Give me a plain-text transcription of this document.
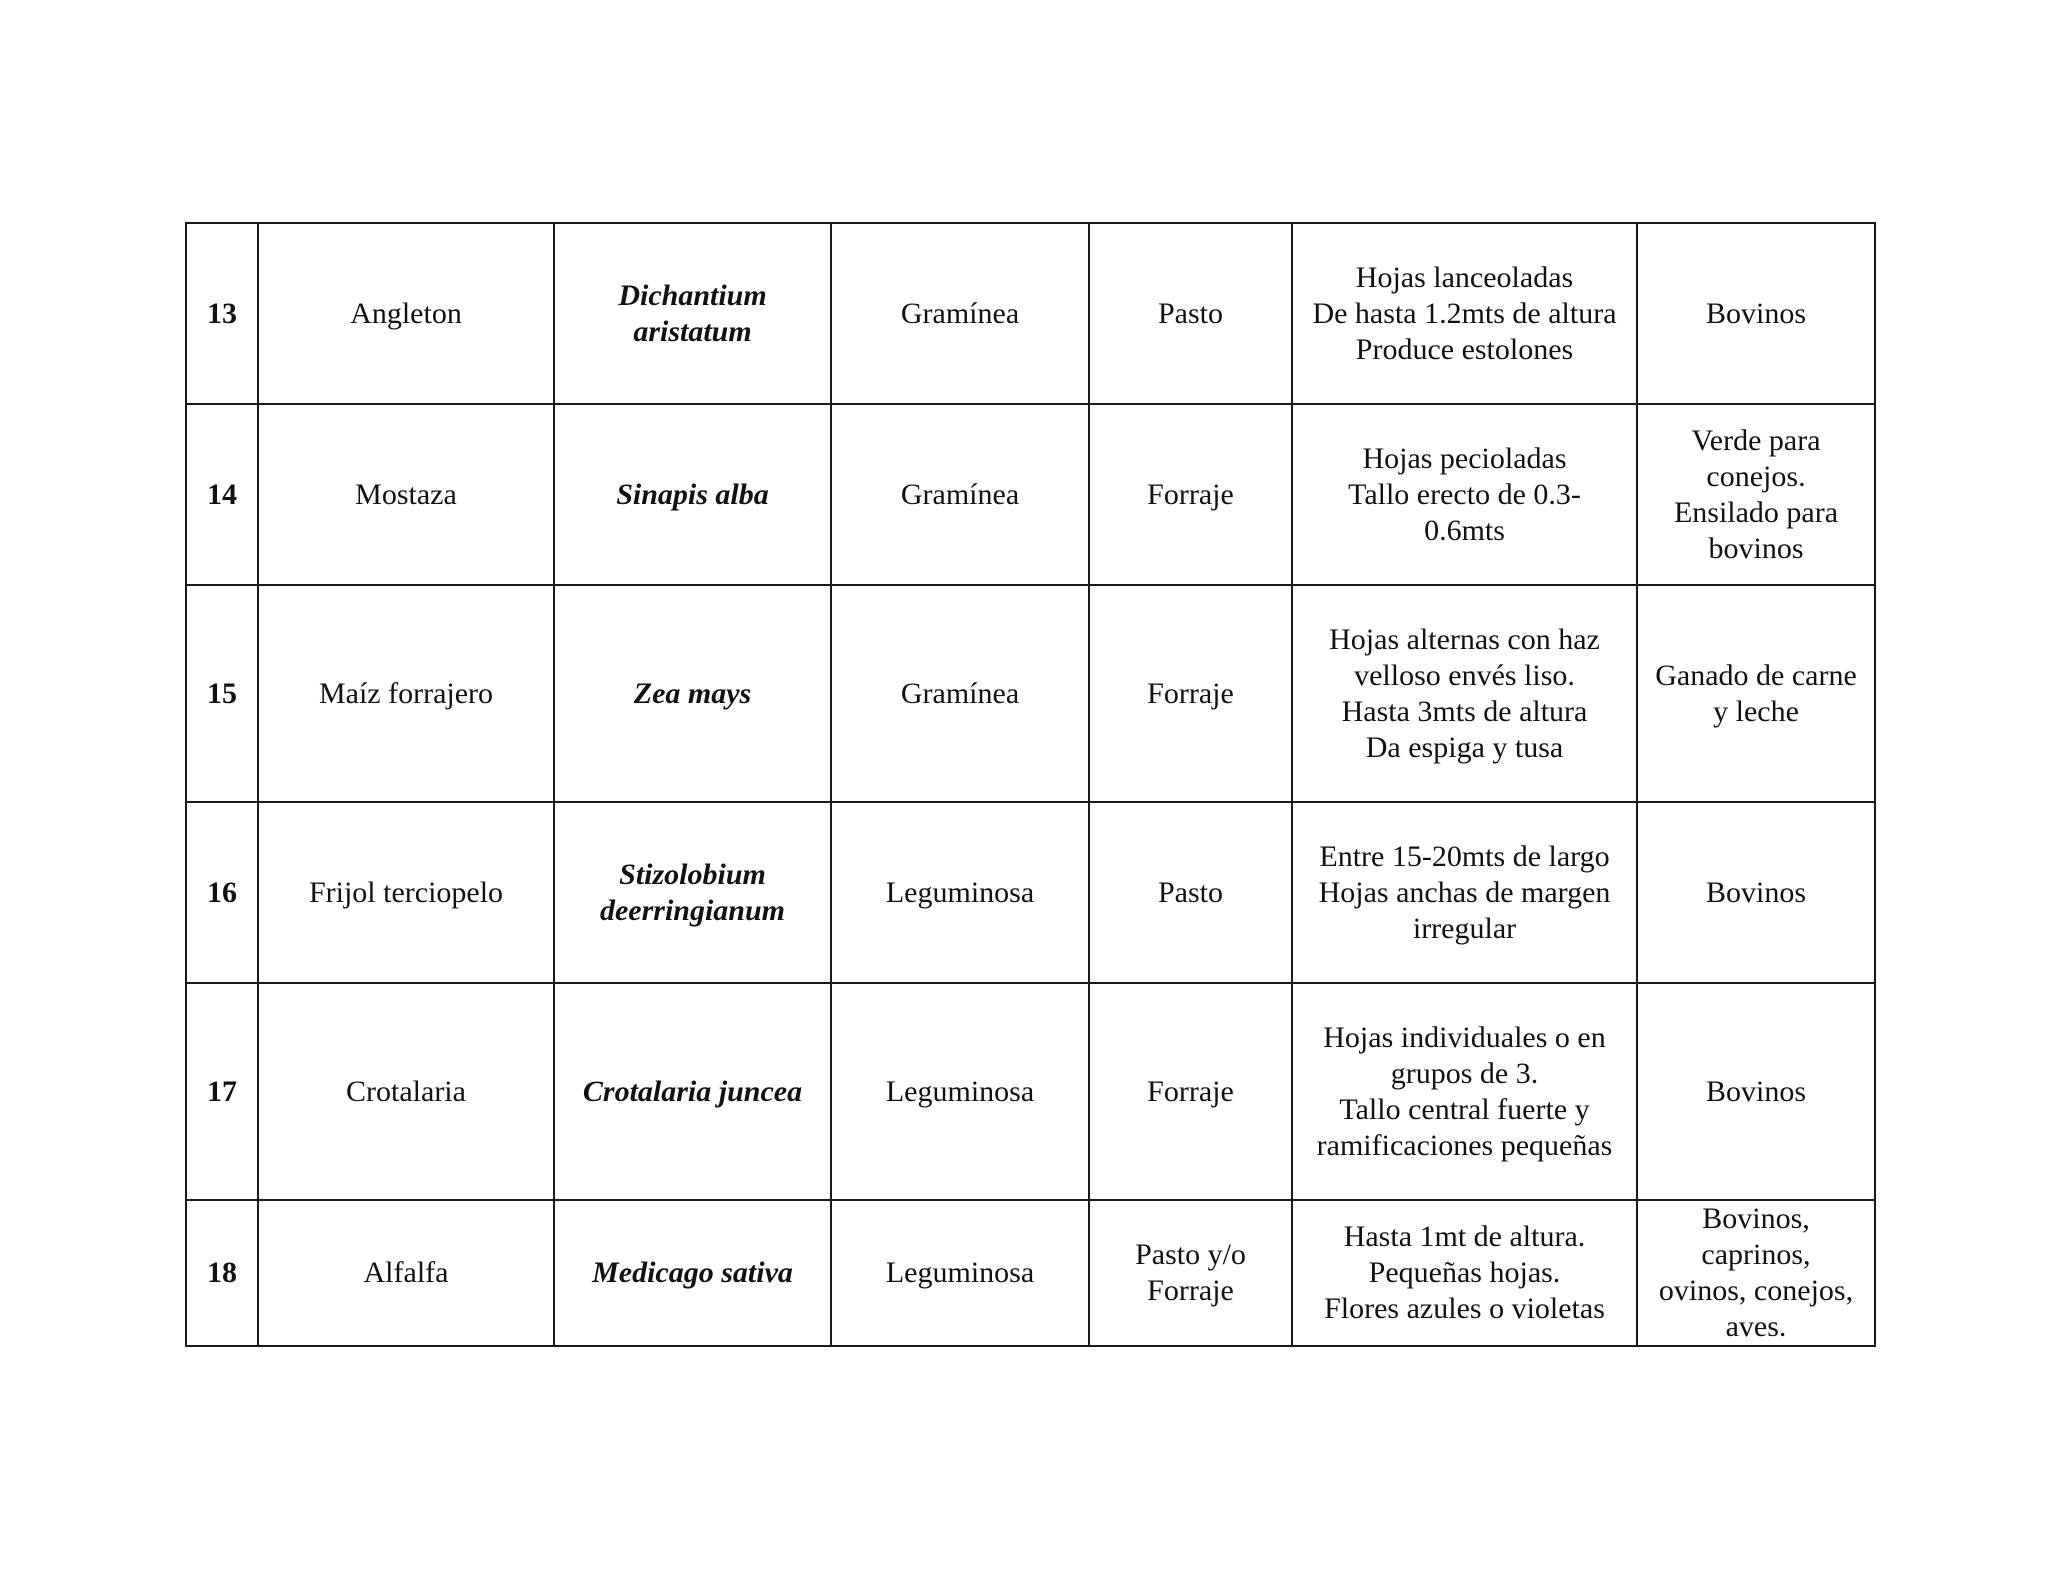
13	Angleton	Dichantium
aristatum	Gramínea	Pasto	Hojas lanceoladas
De hasta 1.2mts de altura
Produce estolones	Bovinos

14	Mostaza	Sinapis alba	Gramínea	Forraje	Hojas pecioladas
Tallo erecto de 0.3-
0.6mts	Verde para
conejos.
Ensilado para
bovinos

15	Maíz forrajero	Zea mays	Gramínea	Forraje	Hojas alternas con haz
velloso envés liso.
Hasta 3mts de altura
Da espiga y tusa	Ganado de carne
y leche

16	Frijol terciopelo	Stizolobium
deerringianum	Leguminosa	Pasto	Entre 15-20mts de largo
Hojas anchas de margen
irregular	Bovinos

17	Crotalaria	Crotalaria juncea	Leguminosa	Forraje	Hojas individuales o en
grupos de 3.
Tallo central fuerte y
ramificaciones pequeñas	Bovinos

18	Alfalfa	Medicago sativa	Leguminosa	Pasto y/o
Forraje	Hasta 1mt de altura.
Pequeñas hojas.
Flores azules o violetas	Bovinos,
caprinos,
ovinos, conejos,
aves.
